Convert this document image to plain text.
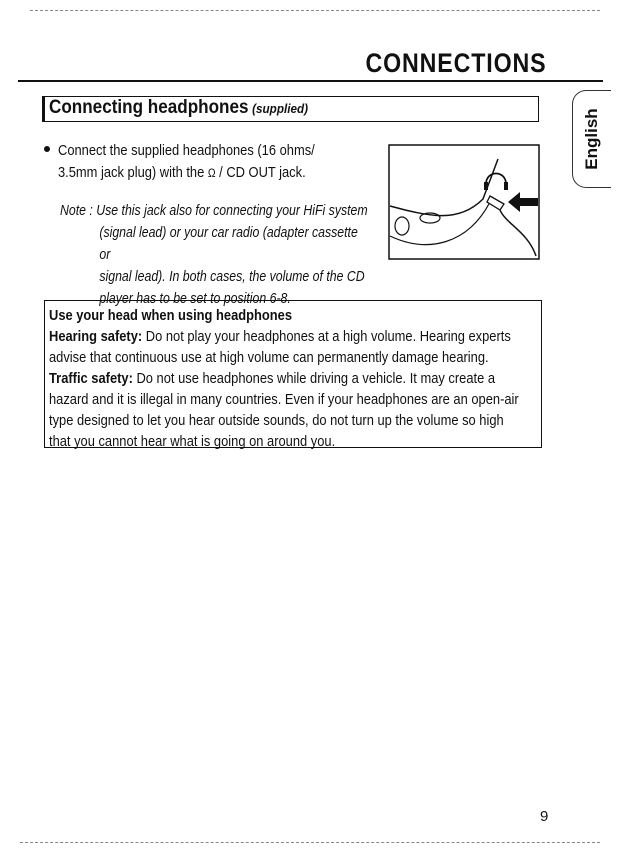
CONNECTIONS
English
Connecting headphones (supplied)
Connect the supplied headphones (16 ohms/
3.5mm jack plug) with the Ω / CD OUT jack.
Note : Use this jack also for connecting your HiFi system
(signal lead) or your car radio (adapter cassette or
signal lead). In both cases, the volume of the CD
player has to be set to position 6-8.
Use your head when using headphones
Hearing safety: Do not play your headphones at a high volume. Hearing experts
advise that continuous use at high volume can permanently damage hearing.
Traffic safety: Do not use headphones while driving a vehicle. It may create a
hazard and it is illegal in many countries. Even if your headphones are an open-air
type designed to let you hear outside sounds, do not turn up the volume so high
that you cannot hear what is going on around you.
9
